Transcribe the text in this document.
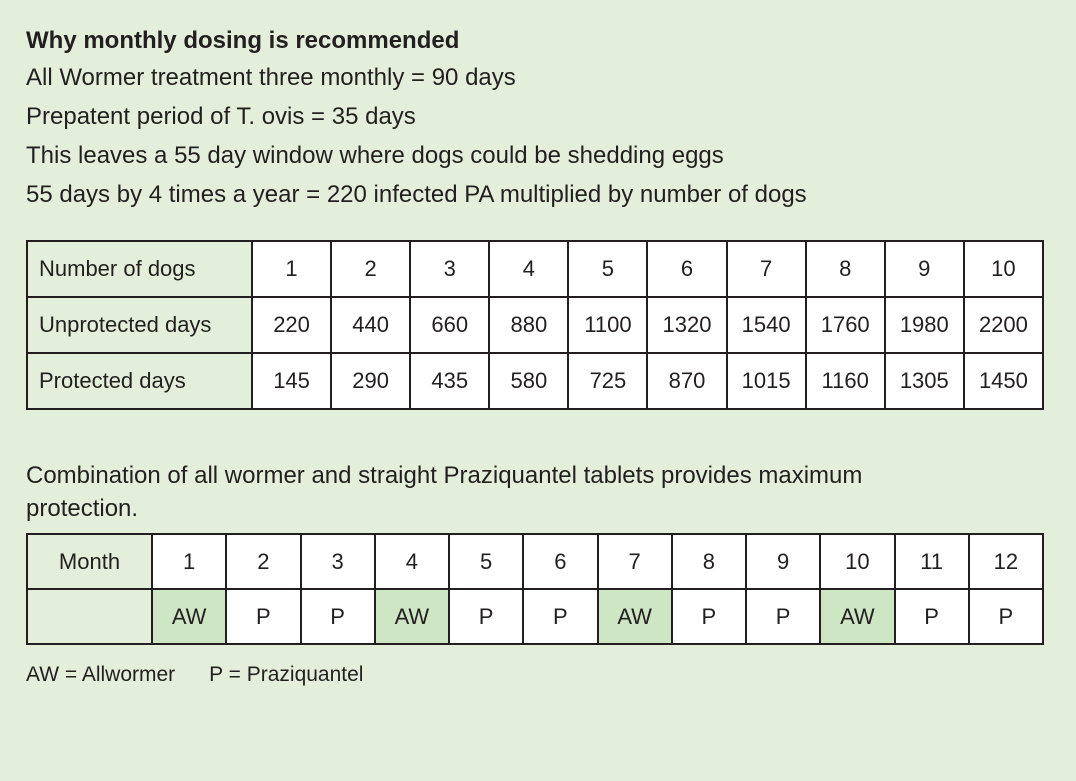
Why monthly dosing is recommended

All Wormer treatment three monthly = 90 days

Prepatent period of T. ovis = 35 days

This leaves a 55 day window where dogs could be shedding eggs

55 days by 4 times a year = 220 infected PA multiplied by number of dogs

Number of dogs	1	2	3	4	5	6	7	8	9	10
Unprotected days	220	440	660	880	1100	1320	1540	1760	1980	2200
Protected days	145	290	435	580	725	870	1015	1160	1305	1450

Combination of all wormer and straight Praziquantel tablets provides maximum protection.

Month	1	2	3	4	5	6	7	8	9	10	11	12
	AW	P	P	AW	P	P	AW	P	P	AW	P	P
AW = Allwormer P = Praziquantel
